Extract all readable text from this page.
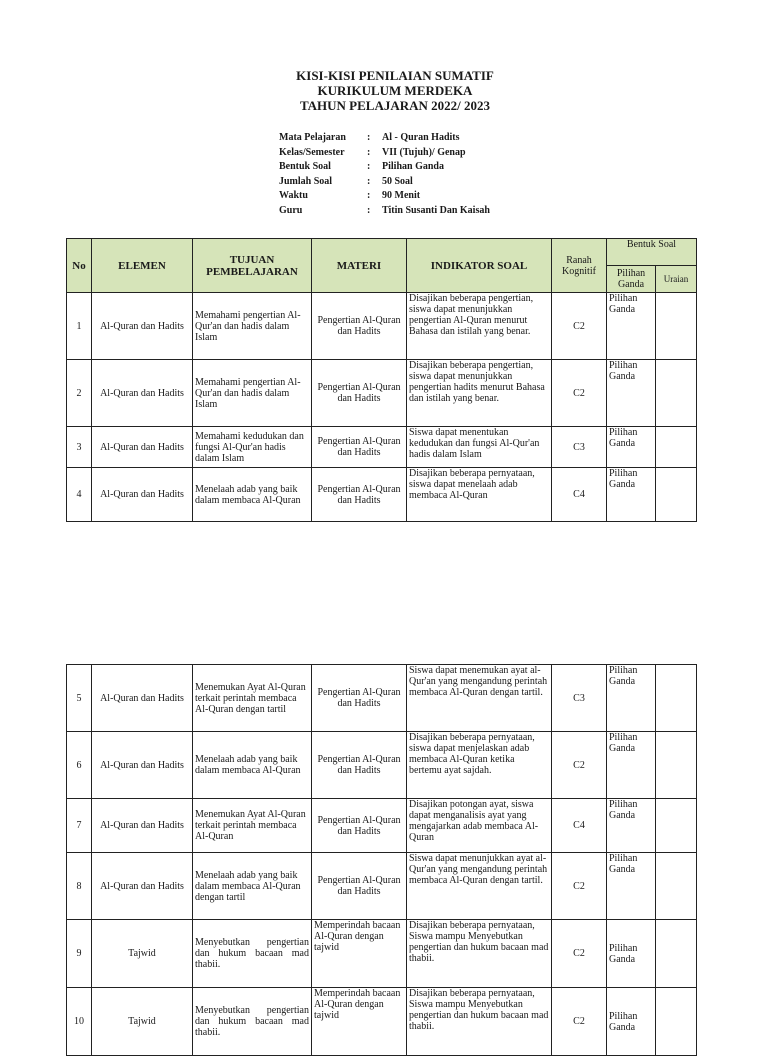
KISI-KISI PENILAIAN SUMATIF
KURIKULUM MERDEKA
TAHUN PELAJARAN 2022/ 2023
Mata Pelajaran	:	Al - Quran Hadits
Kelas/Semester	:	VII (Tujuh)/ Genap
Bentuk Soal	:	Pilihan Ganda
Jumlah Soal	:	50 Soal
Waktu	:	90 Menit
Guru	:	Titin Susanti Dan Kaisah
No	ELEMEN	TUJUAN PEMBELAJARAN	MATERI	INDIKATOR SOAL	Ranah Kognitif	Bentuk Soal	
						Pilihan Ganda	Uraian
1	Al-Quran dan Hadits	Memahami pengertian Al-Qur'an dan hadis dalam Islam	Pengertian Al-Quran dan Hadits	Disajikan beberapa pengertian, siswa dapat menunjukkan pengertian Al-Quran menurut Bahasa dan istilah yang benar.	C2	Pilihan Ganda	
2	Al-Quran dan Hadits	Memahami pengertian Al-Qur'an dan hadis dalam Islam	Pengertian Al-Quran dan Hadits	Disajikan beberapa pengertian, siswa dapat menunjukkan pengertian hadits menurut Bahasa dan istilah yang benar.	C2	Pilihan Ganda	
3	Al-Quran dan Hadits	Memahami kedudukan dan fungsi Al-Qur'an hadis dalam Islam	Pengertian Al-Quran dan Hadits	Siswa dapat menentukan kedudukan dan fungsi Al-Qur'an hadis dalam Islam	C3	Pilihan Ganda	
4	Al-Quran dan Hadits	Menelaah adab yang baik dalam membaca Al-Quran	Pengertian Al-Quran dan Hadits	Disajikan beberapa pernyataan, siswa dapat menelaah adab membaca Al-Quran	C4	Pilihan Ganda	
5	Al-Quran dan Hadits	Menemukan Ayat Al-Quran terkait perintah membaca Al-Quran dengan tartil	Pengertian Al-Quran dan Hadits	Siswa dapat menemukan ayat al-Qur'an yang mengandung perintah membaca Al-Quran dengan tartil.	C3	Pilihan Ganda	
6	Al-Quran dan Hadits	Menelaah adab yang baik dalam membaca Al-Quran	Pengertian Al-Quran dan Hadits	Disajikan beberapa pernyataan, siswa dapat menjelaskan adab membaca Al-Quran ketika bertemu ayat sajdah.	C2	Pilihan Ganda	
7	Al-Quran dan Hadits	Menemukan Ayat Al-Quran terkait perintah membaca Al-Quran	Pengertian Al-Quran dan Hadits	Disajikan potongan ayat, siswa dapat menganalisis ayat yang mengajarkan adab membaca Al-Quran	C4	Pilihan Ganda	
8	Al-Quran dan Hadits	Menelaah adab yang baik dalam membaca Al-Quran dengan tartil	Pengertian Al-Quran dan Hadits	Siswa dapat menunjukkan ayat al-Qur'an yang mengandung perintah membaca Al-Quran dengan tartil.	C2	Pilihan Ganda	
9	Tajwid	Menyebutkan pengertian dan hukum bacaan mad thabii.	Memperindah bacaan Al-Quran dengan tajwid	Disajikan beberapa pernyataan, Siswa mampu Menyebutkan pengertian dan hukum bacaan mad thabii.	C2	Pilihan Ganda	
10	Tajwid	Menyebutkan pengertian dan hukum bacaan mad thabii.	Memperindah bacaan Al-Quran dengan tajwid	Disajikan beberapa pernyataan, Siswa mampu Menyebutkan pengertian dan hukum bacaan mad thabii.	C2	Pilihan Ganda	
